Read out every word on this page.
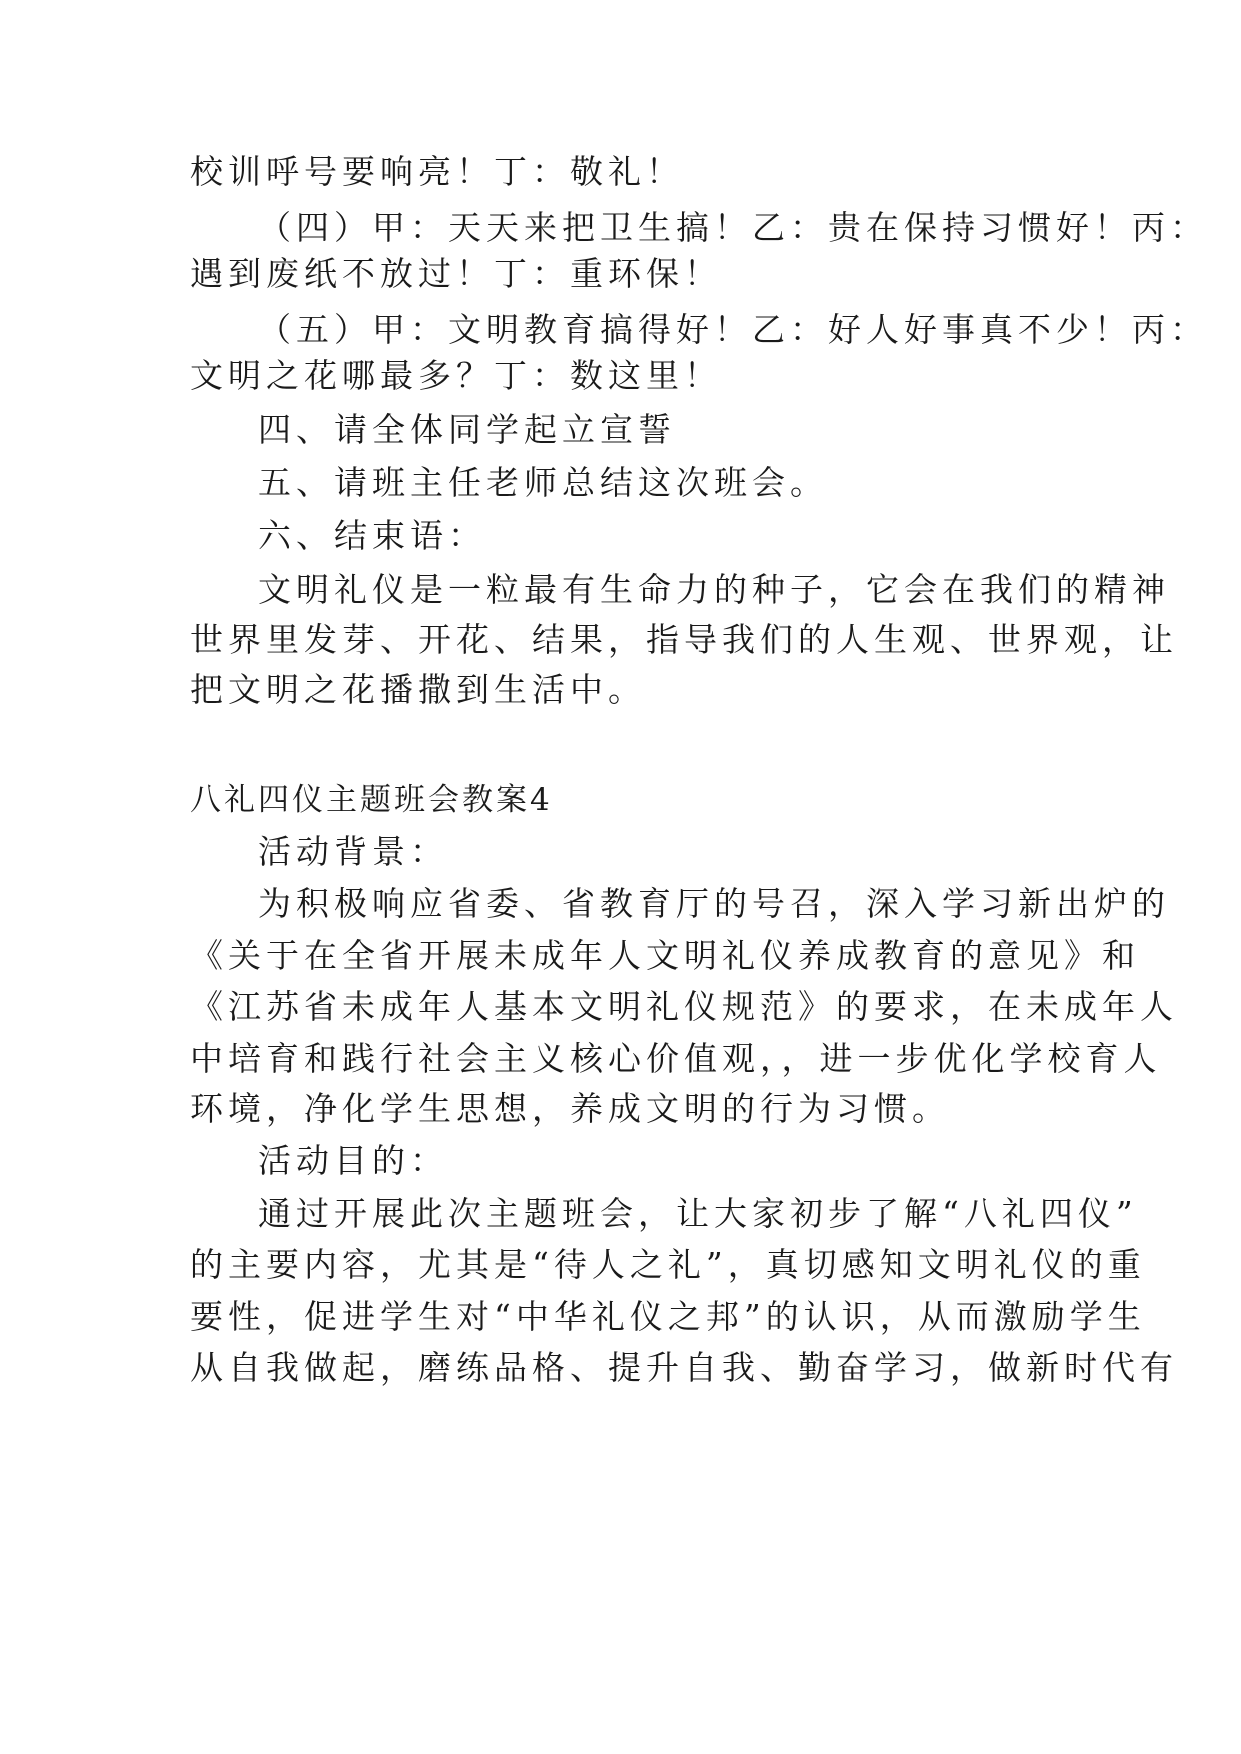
校训呼号要响亮！丁：敬礼！
（四）甲：天天来把卫生搞！乙：贵在保持习惯好！丙：
遇到废纸不放过！丁：重环保！
（五）甲：文明教育搞得好！乙：好人好事真不少！丙：
文明之花哪最多？丁：数这里！
四、请全体同学起立宣誓
五、请班主任老师总结这次班会。
六、结束语：
文明礼仪是一粒最有生命力的种子，它会在我们的精神
世界里发芽、开花、结果，指导我们的人生观、世界观，让
把文明之花播撒到生活中。
八礼四仪主题班会教案4
活动背景：
为积极响应省委、省教育厅的号召，深入学习新出炉的
《关于在全省开展未成年人文明礼仪养成教育的意见》和
《江苏省未成年人基本文明礼仪规范》的要求，在未成年人
中培育和践行社会主义核心价值观，，进一步优化学校育人
环境，净化学生思想，养成文明的行为习惯。
活动目的：
通过开展此次主题班会，让大家初步了解“八礼四仪”
的主要内容，尤其是“待人之礼”，真切感知文明礼仪的重
要性，促进学生对“中华礼仪之邦”的认识，从而激励学生
从自我做起，磨练品格、提升自我、勤奋学习，做新时代有
